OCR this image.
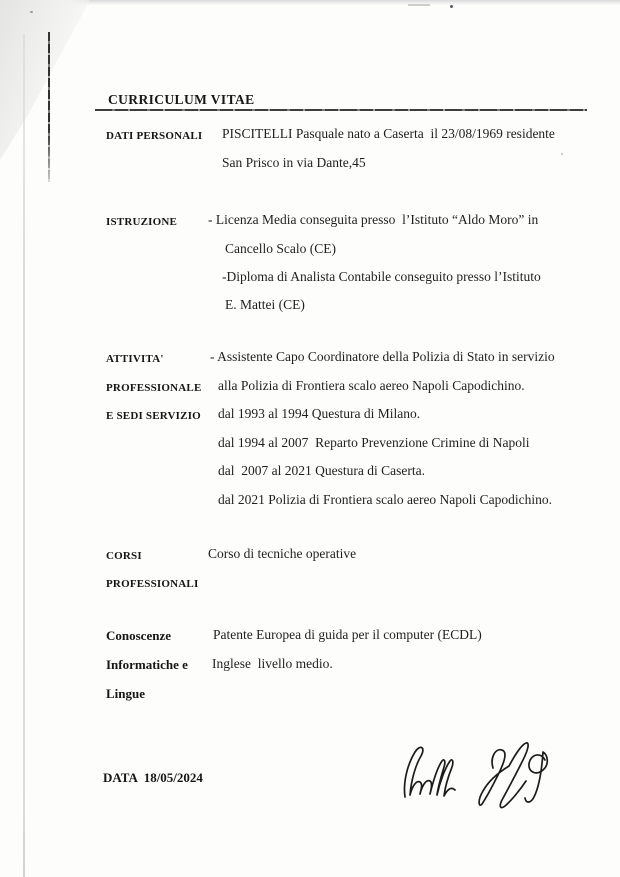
CURRICULUM VITAE
DATI PERSONALI PISCITELLI Pasquale nato a Caserta  il 23/08/1969 residente
San Prisco in via Dante,45
ISTRUZIONE - Licenza Media conseguita presso  l’Istituto “Aldo Moro” in
Cancello Scalo (CE)
-Diploma di Analista Contabile conseguito presso l’Istituto
E. Mattei (CE)
ATTIVITA'
PROFESSIONALE
E SEDI SERVIZIO
- Assistente Capo Coordinatore della Polizia di Stato in servizio
alla Polizia di Frontiera scalo aereo Napoli Capodichino.
dal 1993 al 1994 Questura di Milano.
dal 1994 al 2007  Reparto Prevenzione Crimine di Napoli
dal  2007 al 2021 Questura di Caserta.
dal 2021 Polizia di Frontiera scalo aereo Napoli Capodichino.
CORSI
PROFESSIONALI
Corso di tecniche operative
Conoscenze
Informatiche e
Lingue
Patente Europea di guida per il computer (ECDL)
Inglese  livello medio.
DATA  18/05/2024
